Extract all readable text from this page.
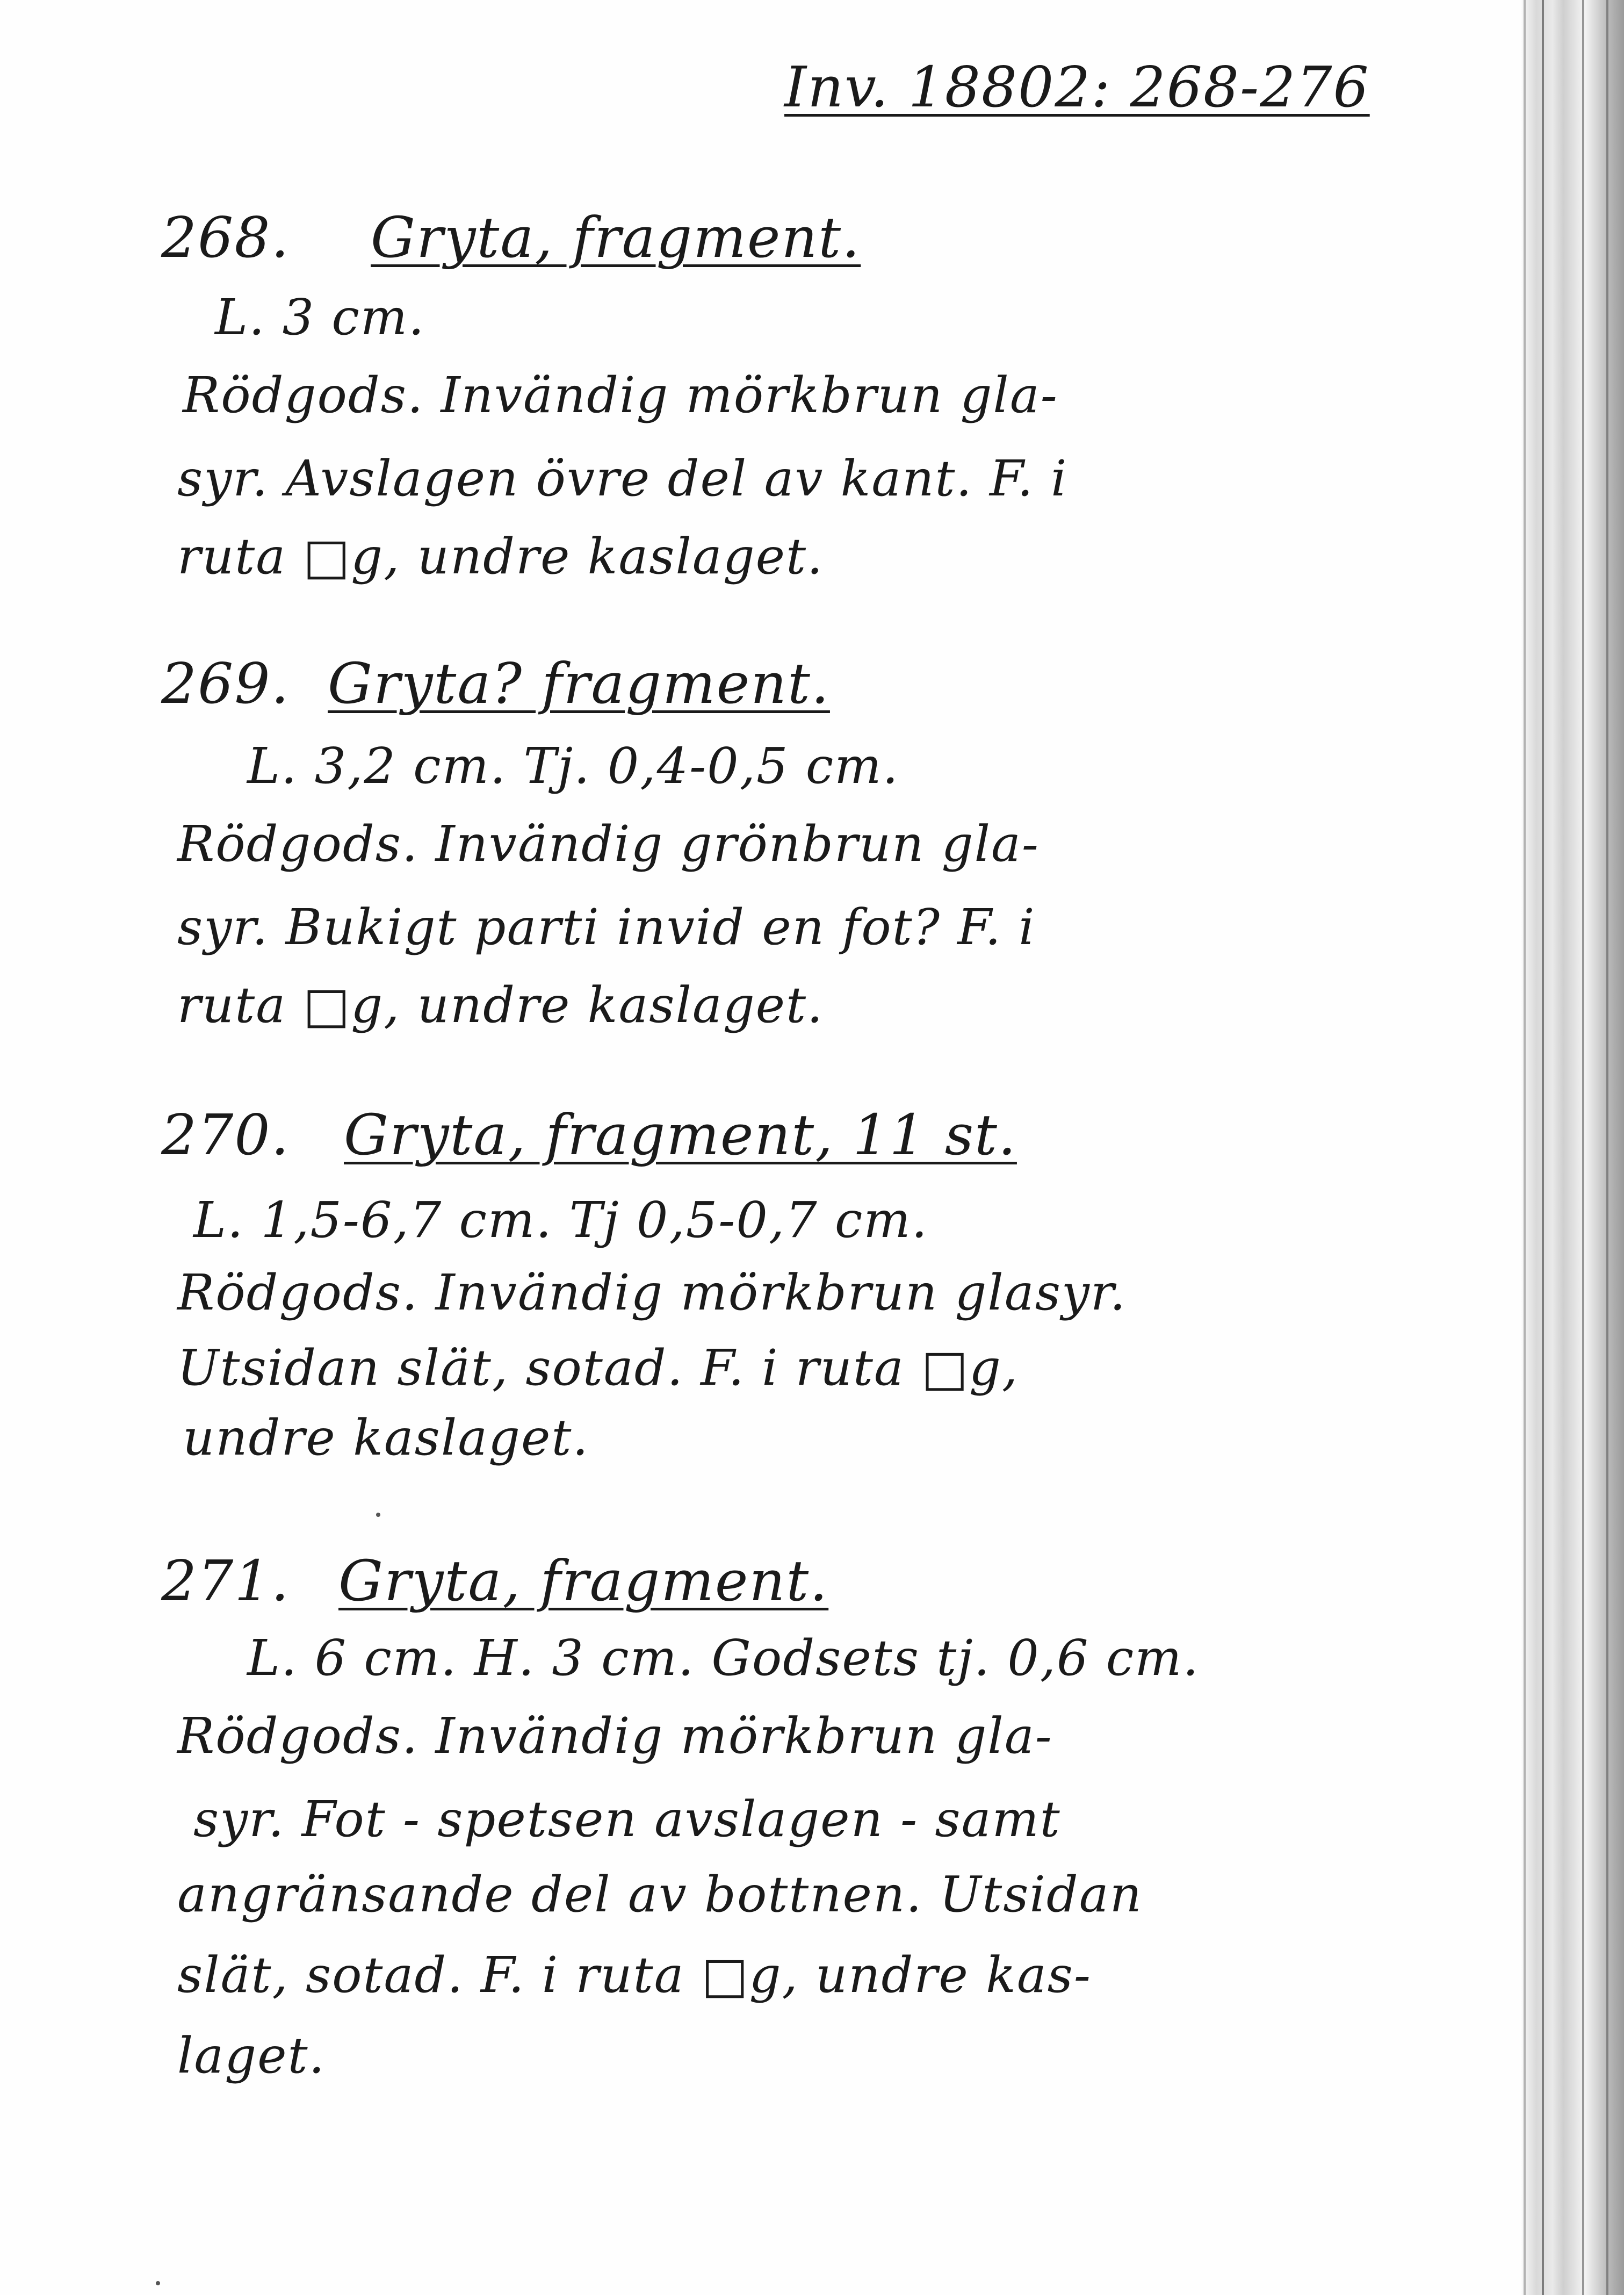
Inv. 18802: 268-276
268. Gryta, fragment.
L. 3 cm.
Rödgods. Invändig mörkbrun gla-
syr. Avslagen övre del av kant. F. i
ruta □g, undre kaslaget.
269. Gryta? fragment.
L. 3,2 cm. Tj. 0,4-0,5 cm.
Rödgods. Invändig grönbrun gla-
syr. Bukigt parti invid en fot? F. i
ruta □g, undre kaslaget.
270. Gryta, fragment, 11 st.
L. 1,5-6,7 cm. Tj 0,5-0,7 cm.
Rödgods. Invändig mörkbrun glasyr.
Utsidan slät, sotad. F. i ruta □g,
undre kaslaget.
271. Gryta, fragment.
L. 6 cm. H. 3 cm. Godsets tj. 0,6 cm.
Rödgods. Invändig mörkbrun gla-
syr. Fot - spetsen avslagen - samt
angränsande del av bottnen. Utsidan
slät, sotad. F. i ruta □g, undre kas-
laget.
